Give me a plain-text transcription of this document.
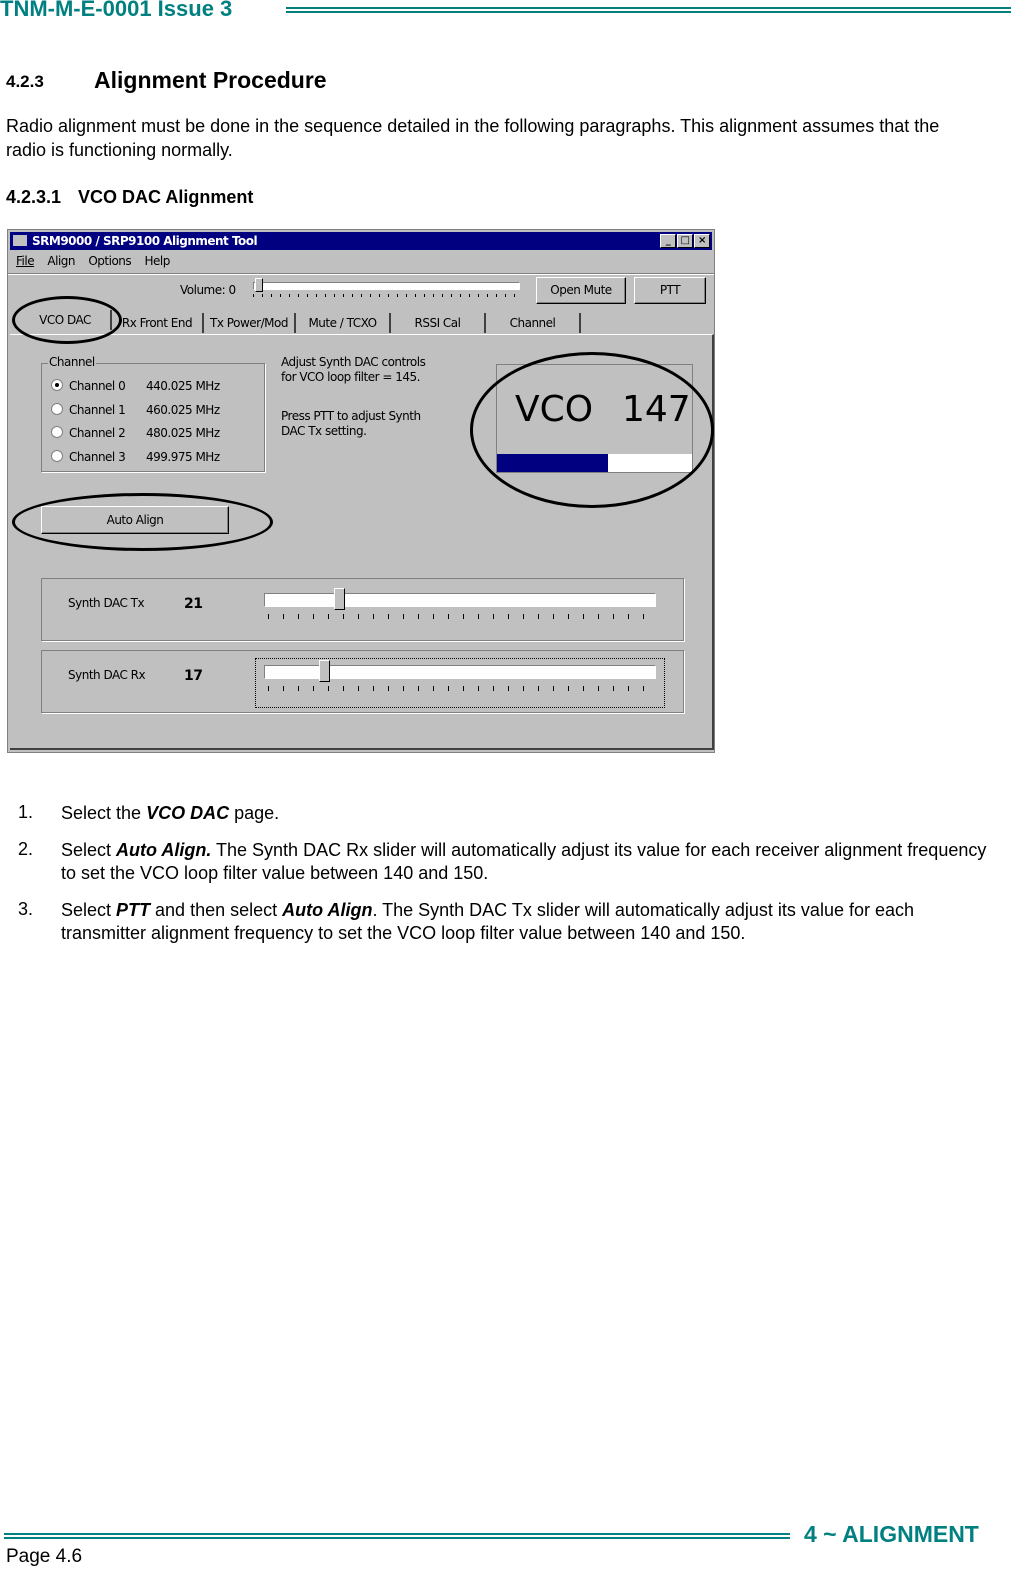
TNM-M-E-0001 Issue 3
4.2.3 Alignment Procedure
Radio alignment must be done in the sequence detailed in the following paragraphs. This alignment assumes that the radio is functioning normally.
4.2.3.1 VCO DAC Alignment
SRM9000 / SRP9100 Alignment Tool	_	□ ×
File Align Options Help
Volume: 0	Open Mute	PTT
VCO DAC	Rx Front End	Tx Power/Mod	Mute / TCXO	RSSI Cal	Channel
Channel
Channel 0 440.025 MHz
Channel 1 460.025 MHz
Channel 2 480.025 MHz
Channel 3 499.975 MHz
Adjust Synth DAC controls for VCO loop filter = 145.
Press PTT to adjust Synth DAC Tx setting.
VCO 147
Auto Align
Synth DAC Tx	21
Synth DAC Rx	17
1. Select the VCO DAC page.
2. Select Auto Align. The Synth DAC Rx slider will automatically adjust its value for each receiver alignment frequency to set the VCO loop filter value between 140 and 150.
3. Select PTT and then select Auto Align. The Synth DAC Tx slider will automatically adjust its value for each transmitter alignment frequency to set the VCO loop filter value between 140 and 150.
4 ~ ALIGNMENT
Page 4.6
